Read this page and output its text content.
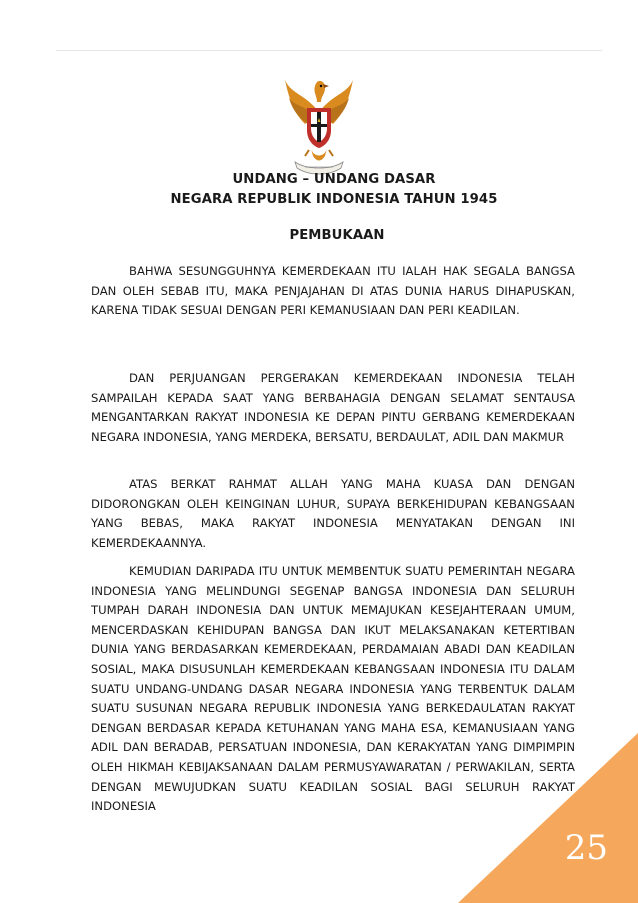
UNDANG – UNDANG DASAR
NEGARA REPUBLIK INDONESIA TAHUN 1945
PEMBUKAAN

BAHWA SESUNGGUHNYA KEMERDEKAAN ITU IALAH HAK SEGALA BANGSA DAN OLEH SEBAB ITU, MAKA PENJAJAHAN DI ATAS DUNIA HARUS DIHAPUSKAN, KARENA TIDAK SESUAI DENGAN PERI KEMANUSIAAN DAN PERI KEADILAN.

DAN PERJUANGAN PERGERAKAN KEMERDEKAAN INDONESIA TELAH SAMPAILAH KEPADA SAAT YANG BERBAHAGIA DENGAN SELAMAT SENTAUSA MENGANTARKAN RAKYAT INDONESIA KE DEPAN PINTU GERBANG KEMERDEKAAN NEGARA INDONESIA, YANG MERDEKA, BERSATU, BERDAULAT, ADIL DAN MAKMUR

ATAS BERKAT RAHMAT ALLAH YANG MAHA KUASA DAN DENGAN DIDORONGKAN OLEH KEINGINAN LUHUR, SUPAYA BERKEHIDUPAN KEBANGSAAN YANG BEBAS, MAKA RAKYAT INDONESIA MENYATAKAN DENGAN INI KEMERDEKAANNYA.

KEMUDIAN DARIPADA ITU UNTUK MEMBENTUK SUATU PEMERINTAH NEGARA INDONESIA YANG MELINDUNGI SEGENAP BANGSA INDONESIA DAN SELURUH TUMPAH DARAH INDONESIA DAN UNTUK MEMAJUKAN KESEJAHTERAAN UMUM, MENCERDASKAN KEHIDUPAN BANGSA DAN IKUT MELAKSANAKAN KETERTIBAN DUNIA YANG BERDASARKAN KEMERDEKAAN, PERDAMAIAN ABADI DAN KEADILAN SOSIAL, MAKA DISUSUNLAH KEMERDEKAAN KEBANGSAAN INDONESIA ITU DALAM SUATU UNDANG-UNDANG DASAR NEGARA INDONESIA YANG TERBENTUK DALAM SUATU SUSUNAN NEGARA REPUBLIK INDONESIA YANG BERKEDAULATAN RAKYAT DENGAN BERDASAR KEPADA KETUHANAN YANG MAHA ESA, KEMANUSIAAN YANG ADIL DAN BERADAB, PERSATUAN INDONESIA, DAN KERAKYATAN YANG DIMPIMPIN OLEH HIKMAH KEBIJAKSANAAN DALAM PERMUSYAWARATAN / PERWAKILAN, SERTA DENGAN MEWUJUDKAN SUATU KEADILAN SOSIAL BAGI SELURUH RAKYAT INDONESIA

25
